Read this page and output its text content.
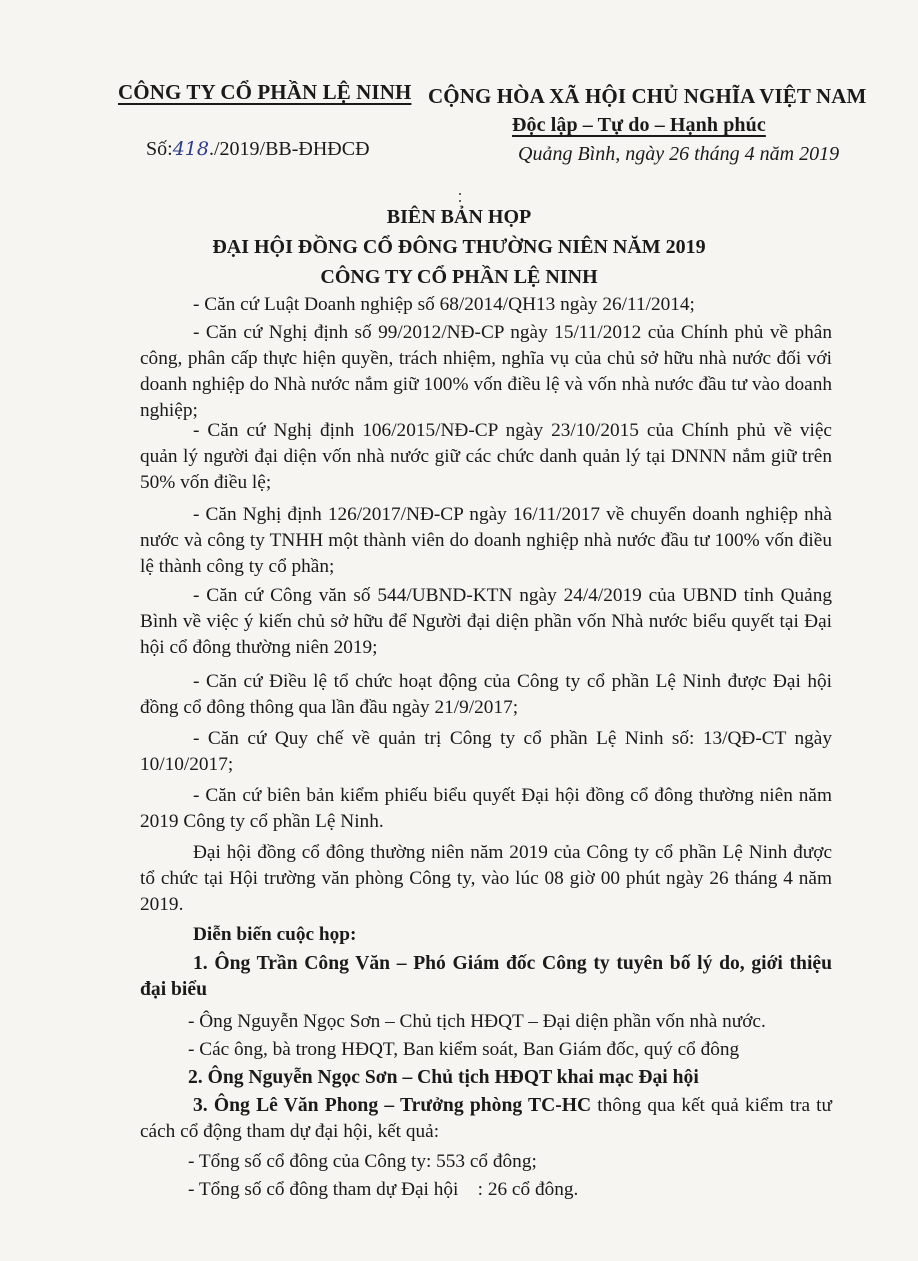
CÔNG TY CỔ PHẦN LỆ NINH CỘNG HÒA XÃ HỘI CHỦ NGHĨA VIỆT NAM
Độc lập – Tự do – Hạnh phúc
Số:418./2019/BB-ĐHĐCĐ	Quảng Bình, ngày 26 tháng 4 năm 2019
BIÊN BẢN HỌP
ĐẠI HỘI ĐỒNG CỔ ĐÔNG THƯỜNG NIÊN NĂM 2019
CÔNG TY CỔ PHẦN LỆ NINH
- Căn cứ Luật Doanh nghiệp số 68/2014/QH13 ngày 26/11/2014;
- Căn cứ Nghị định số 99/2012/NĐ-CP ngày 15/11/2012 của Chính phủ về phân công, phân cấp thực hiện quyền, trách nhiệm, nghĩa vụ của chủ sở hữu nhà nước đối với doanh nghiệp do Nhà nước nắm giữ 100% vốn điều lệ và vốn nhà nước đầu tư vào doanh nghiệp;
- Căn cứ Nghị định 106/2015/NĐ-CP ngày 23/10/2015 của Chính phủ về việc quản lý người đại diện vốn nhà nước giữ các chức danh quản lý tại DNNN nắm giữ trên 50% vốn điều lệ;
- Căn Nghị định 126/2017/NĐ-CP ngày 16/11/2017 về chuyển doanh nghiệp nhà nước và công ty TNHH một thành viên do doanh nghiệp nhà nước đầu tư 100% vốn điều lệ thành công ty cổ phần;
- Căn cứ Công văn số 544/UBND-KTN ngày 24/4/2019 của UBND tỉnh Quảng Bình về việc ý kiến chủ sở hữu để Người đại diện phần vốn Nhà nước biểu quyết tại Đại hội cổ đông thường niên 2019;
- Căn cứ Điều lệ tổ chức hoạt động của Công ty cổ phần Lệ Ninh được Đại hội đồng cổ đông thông qua lần đầu ngày 21/9/2017;
- Căn cứ Quy chế về quản trị Công ty cổ phần Lệ Ninh số: 13/QĐ-CT ngày 10/10/2017;
- Căn cứ biên bản kiểm phiếu biểu quyết Đại hội đồng cổ đông thường niên năm 2019 Công ty cổ phần Lệ Ninh.
Đại hội đồng cổ đông thường niên năm 2019 của Công ty cổ phần Lệ Ninh được tổ chức tại Hội trường văn phòng Công ty, vào lúc 08 giờ 00 phút ngày 26 tháng 4 năm 2019.
Diễn biến cuộc họp:
1. Ông Trần Công Văn – Phó Giám đốc Công ty tuyên bố lý do, giới thiệu đại biểu
- Ông Nguyễn Ngọc Sơn – Chủ tịch HĐQT – Đại diện phần vốn nhà nước.
- Các ông, bà trong HĐQT, Ban kiểm soát, Ban Giám đốc, quý cổ đông
2. Ông Nguyễn Ngọc Sơn – Chủ tịch HĐQT khai mạc Đại hội
3. Ông Lê Văn Phong – Trưởng phòng TC-HC thông qua kết quả kiểm tra tư cách cổ động tham dự đại hội, kết quả:
- Tổng số cổ đông của Công ty: 553 cổ đông;
- Tổng số cổ đông tham dự Đại hội    : 26 cổ đông.
